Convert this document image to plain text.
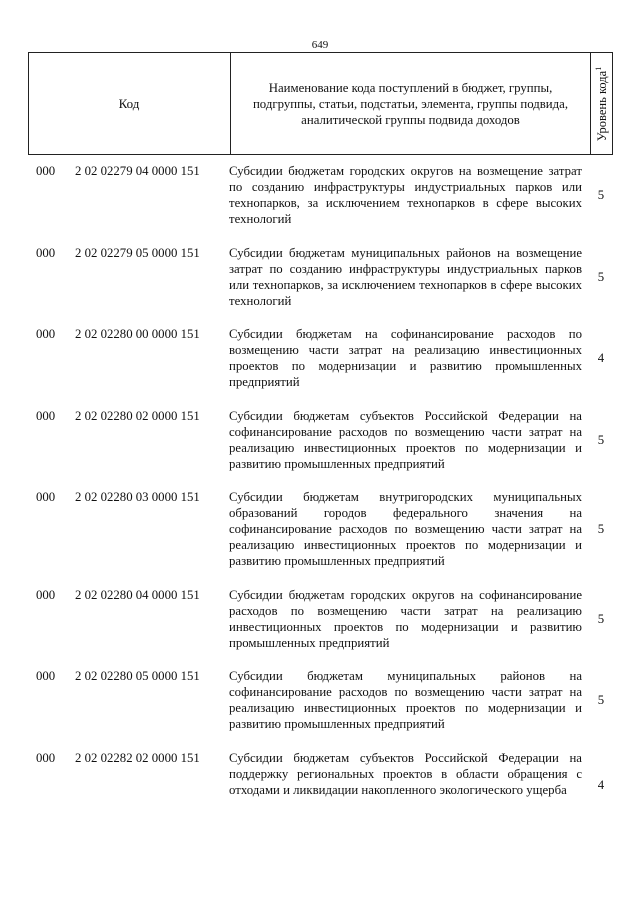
649
Код
Наименование кода поступлений в бюджет, группы, подгруппы, статьи, подстатьи, элемента, группы подвида, аналитической группы подвида доходов	Уровень кода$^1$
000 2 02 02279 04 0000 151 Субсидии бюджетам городских округов на возмещение затрат по созданию инфраструктуры индустриальных парков или технопарков, за исключением технопарков в сфере высоких технологий
5
000 2 02 02279 05 0000 151 Субсидии бюджетам муниципальных районов на возмещение затрат по созданию инфраструктуры индустриальных парков или технопарков, за исключением технопарков в сфере высоких технологий
5
000 2 02 02280 00 0000 151 Субсидии бюджетам на софинансирование расходов по возмещению части затрат на реализацию инвестиционных проектов по модернизации и развитию промышленных предприятий
4
000 2 02 02280 02 0000 151 Субсидии бюджетам субъектов Российской Федерации на софинансирование расходов по возмещению части затрат на реализацию инвестиционных проектов по модернизации и развитию промышленных предприятий
5
000 2 02 02280 03 0000 151 Субсидии бюджетам внутригородских муниципальных образований городов федерального значения на софинансирование расходов по возмещению части затрат на реализацию инвестиционных проектов по модернизации и развитию промышленных предприятий
5
000 2 02 02280 04 0000 151 Субсидии бюджетам городских округов на софинансирование расходов по возмещению части затрат на реализацию инвестиционных проектов по модернизации и развитию промышленных предприятий
5
000 2 02 02280 05 0000 151 Субсидии бюджетам муниципальных районов на софинансирование расходов по возмещению части затрат на реализацию инвестиционных проектов по модернизации и развитию промышленных предприятий
5
000 2 02 02282 02 0000 151 Субсидии бюджетам субъектов Российской Федерации на поддержку региональных проектов в области обращения с отходами и ликвидации накопленного экологического ущерба	4
